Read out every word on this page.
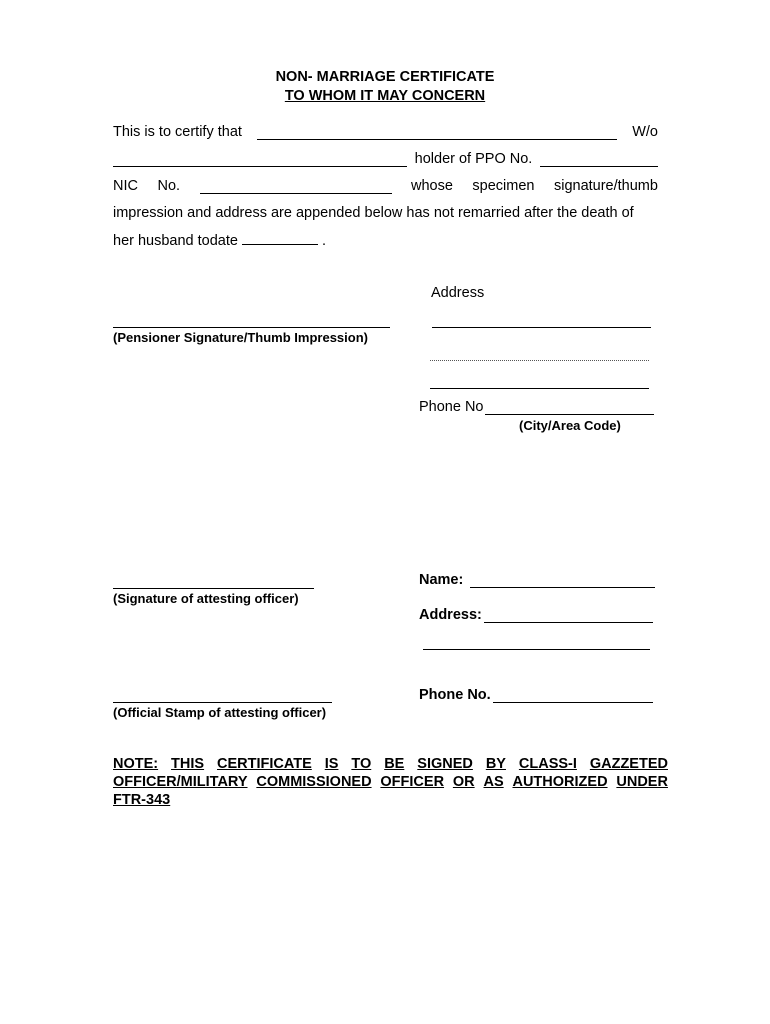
NON- MARRIAGE CERTIFICATE
TO WHOM IT MAY CONCERN
This is to certify that	W/o
holder of PPO No.
NIC No.	whose specimen signature/thumb
impression and address are appended below has not remarried after the death of
her husband todate	.
Address
(Pensioner Signature/Thumb Impression)
Phone No
(City/Area Code)
(Signature of attesting officer)
Name:
Address:
Phone No.
(Official Stamp of attesting officer)
NOTE: THIS CERTIFICATE IS TO BE SIGNED BY CLASS-I GAZZETED
OFFICER/MILITARY COMMISSIONED OFFICER OR AS AUTHORIZED UNDER
FTR-343
